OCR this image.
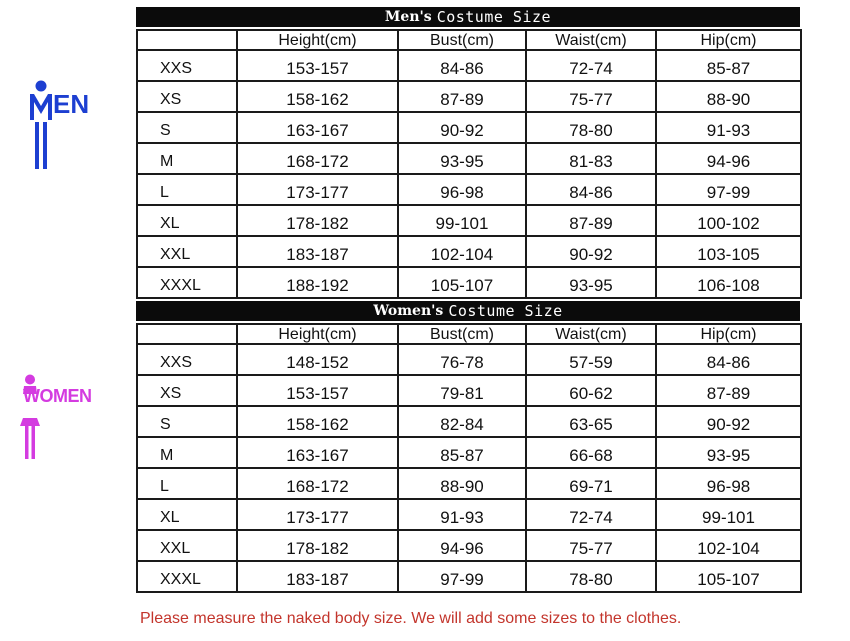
Men's Costume Size
EN
	Height(cm)	Bust(cm)	Waist(cm)	Hip(cm)
XXS	153-157	84-86	72-74	85-87
XS	158-162	87-89	75-77	88-90
S	163-167	90-92	78-80	91-93
M	168-172	93-95	81-83	94-96
L	173-177	96-98	84-86	97-99
XL	178-182	99-101	87-89	100-102
XXL	183-187	102-104	90-92	103-105
XXXL	188-192	105-107	93-95	106-108
Women's Costume Size
WOMEN
	Height(cm)	Bust(cm)	Waist(cm)	Hip(cm)
XXS	148-152	76-78	57-59	84-86
XS	153-157	79-81	60-62	87-89
S	158-162	82-84	63-65	90-92
M	163-167	85-87	66-68	93-95
L	168-172	88-90	69-71	96-98
XL	173-177	91-93	72-74	99-101
XXL	178-182	94-96	75-77	102-104
XXXL	183-187	97-99	78-80	105-107
Please measure the naked body size. We will add some sizes to the clothes.
